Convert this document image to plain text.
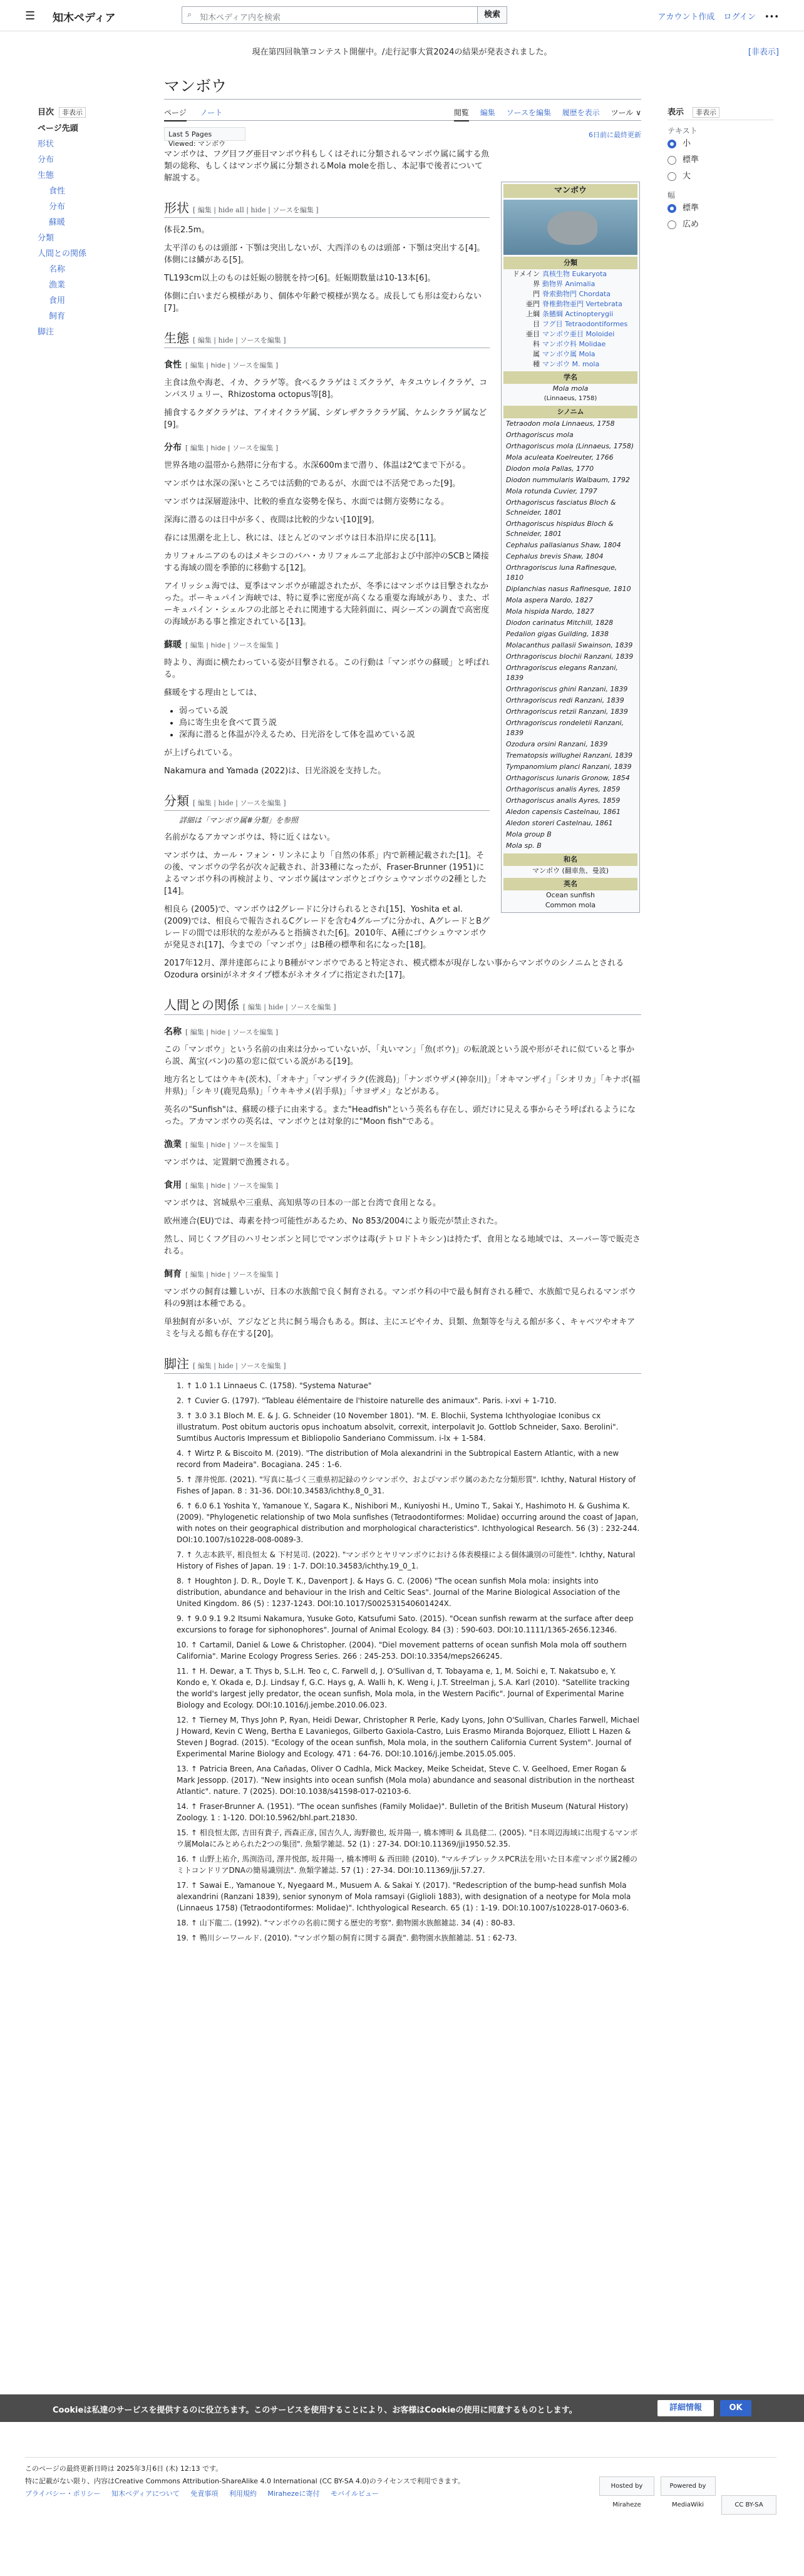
☰ 知木ペディア	⌕ 知木ペディア内を検索	検索	アカウント作成 ログイン •••
現在第四回執筆コンテスト開催中。/走行記事大賞2024の結果が発表されました。	[非表示]
目次 非表示
ページ先頭
形状
分布
生態
食性
分布
蘇暖
分類
人間との関係
名称
漁業
食用
飼育
脚注
マンボウ
ページ ノート	閲覧 編集 ソースを編集 履歴を表示 ツール ∨
Last 5 Pages Viewed: マンボウ
6日前に最終更新

マンボウは、フグ目フグ亜目マンボウ科もしくはそれに分類されるマンボウ属に属する魚類の総称、もしくはマンボウ属に分類されるMola moleを指し、本記事で後者について解説する。

形状 [ 編集 | hide all | hide | ソースを編集 ]

体長2.5m。

太平洋のものは頭部・下顎は突出しないが、大西洋のものは頭部・下顎は突出する[4]。体側には鱗がある[5]。

TL193cm以上のものは妊娠の膀胱を持つ[6]。妊娠期数量は10-13本[6]。

体側に白いまだら模様があり、個体や年齢で模様が異なる。成長しても形は変わらない[7]。

生態 [ 編集 | hide | ソースを編集 ]
食性 [ 編集 | hide | ソースを編集 ]

主食は魚や海老、イカ、クラゲ等。食べるクラゲはミズクラゲ、キタユウレイクラゲ、コンパスリュリー、Rhizostoma octopus等[8]。

捕食するクダクラゲは、アイオイクラゲ属、シダレザクラクラゲ属、ケムシクラゲ属など[9]。

分布 [ 編集 | hide | ソースを編集 ]

世界各地の温帯から熱帯に分布する。水深600mまで潜り、体温は2℃まで下がる。

マンボウは水深の深いところでは活動的であるが、水面では不活発であった[9]。

マンボウは深層遊泳中、比較的垂直な姿勢を保ち、水面では側方姿勢になる。

深海に潜るのは日中が多く、夜間は比較的少ない[10][9]。

春には黒潮を北上し、秋には、ほとんどのマンボウは日本沿岸に戻る[11]。

カリフォルニアのものはメキシコのバハ・カリフォルニア北部および中部沖のSCBと隣接する海域の間を季節的に移動する[12]。

アイリッシュ海では、夏季はマンボウが確認されたが、冬季にはマンボウは目撃されなかった。ポーキュパイン海峡では、特に夏季に密度が高くなる重要な海域があり、また、ポーキュパイン・シェルフの北部とそれに関連する大陸斜面に、両シーズンの調査で高密度の海域がある事と推定されている[13]。

蘇暖 [ 編集 | hide | ソースを編集 ]

時より、海面に横たわっている姿が目撃される。この行動は「マンボウの蘇暖」と呼ばれる。

蘇暖をする理由としては、

• 弱っている説
• 鳥に寄生虫を食べて貰う説
• 深海に潜ると体温が冷えるため、日光浴をして体を温めている説

が上げられている。

Nakamura and Yamada (2022)は、日光浴説を支持した。

分類 [ 編集 | hide | ソースを編集 ]
詳細は「マンボウ属#分類」を参照

名前がなるアカマンボウは、特に近くはない。

マンボウは、カール・フォン・リンネにより「自然の体系」内で新種記載された[1]。その後、マンボウの学名が次々記載され、計33種になったが、Fraser-Brunner (1951)によるマンボウ科の再検討より、マンボウ属はマンボウとゴウシュウマンボウの2種とした[14]。

相良ら (2005)で、マンボウは2グレードに分けられるとされ[15]、Yoshita et al. (2009)では、相良らで報告されるCグレードを含む4グループに分かれ、AグレードとBグレードの間では形状的な差がみると指摘された[6]。2010年、A種にゴウシュウマンボウが発見され[17]、今までの「マンボウ」はB種の標準和名になった[18]。

2017年12月、澤井達郎らによりB種がマンボウであると特定され、模式標本が現存しない事からマンボウのシノニムとされるOzodura orsiniがネオタイプ標本がネオタイプに指定された[17]。

人間との関係 [ 編集 | hide | ソースを編集 ]
名称 [ 編集 | hide | ソースを編集 ]

この「マンボウ」という名前の由来は分かっていないが、「丸いマン」「魚(ボウ)」の転訛説という説や形がそれに似ていると事から説、萬宝(バン)の墓の窓に似ている説がある[19]。

地方名としてはウキキ(茨木)、「オキナ」「マンザイラク(佐渡島)」「ナンボウザメ(神奈川)」「オキマンザイ」「シオリカ」「キナボ(福井県)」「シキリ(鹿児島県)」「ウキキサメ(岩手県)」「サヨザメ」などがある。

英名の"Sunfish"は、蘇暖の様子に由来する。また"Headfish"という英名も存在し、頭だけに見える事からそう呼ばれるようになった。アカマンボウの英名は、マンボウとは対象的に"Moon fish"である。

漁業 [ 編集 | hide | ソースを編集 ]

マンボウは、定置網で漁獲される。

食用 [ 編集 | hide | ソースを編集 ]

マンボウは、宮城県や三重県、高知県等の日本の一部と台湾で食用となる。

欧州連合(EU)では、毒素を持つ可能性があるため、No 853/2004により販売が禁止された。

然し、同じくフグ目のハリセンボンと同じでマンボウは毒(テトロドトキシン)は持たず、食用となる地域では、スーパー等で販売される。

飼育 [ 編集 | hide | ソースを編集 ]

マンボウの飼育は難しいが、日本の水族館で良く飼育される。マンボウ科の中で最も飼育される種で、水族館で見られるマンボウ科の9割は本種である。

単独飼育が多いが、アジなどと共に飼う場合もある。餌は、主にエビやイカ、貝類、魚類等を与える館が多く、キャベツやオキアミを与える館も存在する[20]。

脚注 [ 編集 | hide | ソースを編集 ]
1. ↑ 1.0 1.1 Linnaeus C. (1758). "Systema Naturae"
2. ↑ Cuvier G. (1797). "Tableau élémentaire de l'histoire naturelle des animaux". Paris. i-xvi + 1-710.
3. ↑ 3.0 3.1 Bloch M. E. & J. G. Schneider (10 November 1801). "M. E. Blochii, Systema Ichthyologiae Iconibus cx illustratum. Post obitum auctoris opus inchoatum absolvit, correxit, interpolavit Jo. Gottlob Schneider, Saxo. Berolini". Sumtibus Auctoris Impressum et Bibliopolio Sanderiano Commissum. i-lx + 1-584.
4. ↑ Wirtz P. & Biscoito M. (2019). "The distribution of Mola alexandrini in the Subtropical Eastern Atlantic, with a new record from Madeira". Bocagiana. 245 : 1-6.
5. ↑ 澤井悦郎. (2021). "写真に基づく三重県初記録のウシマンボウ、およびマンボウ属のあたな分類形質". Ichthy, Natural History of Fishes of Japan. 8 : 31-36. DOI:10.34583/ichthy.8_0_31.
6. ↑ 6.0 6.1 Yoshita Y., Yamanoue Y., Sagara K., Nishibori M., Kuniyoshi H., Umino T., Sakai Y., Hashimoto H. & Gushima K. (2009). "Phylogenetic relationship of two Mola sunfishes (Tetraodontiformes: Molidae) occurring around the coast of Japan, with notes on their geographical distribution and morphological characteristics". Ichthyological Research. 56 (3) : 232-244. DOI:10.1007/s10228-008-0089-3.
7. ↑ 久志本鉄平, 相良恒太 & 下村晃司. (2022). "マンボウとヤリマンボウにおける体表模様による個体識別の可能性". Ichthy, Natural History of Fishes of Japan. 19 : 1-7. DOI:10.34583/ichthy.19_0_1.
8. ↑ Houghton J. D. R., Doyle T. K., Davenport J. & Hays G. C. (2006) "The ocean sunfish Mola mola: insights into distribution, abundance and behaviour in the Irish and Celtic Seas". Journal of the Marine Biological Association of the United Kingdom. 86 (5) : 1237-1243. DOI:10.1017/S002531540601424X.
9. ↑ 9.0 9.1 9.2 Itsumi Nakamura, Yusuke Goto, Katsufumi Sato. (2015). "Ocean sunfish rewarm at the surface after deep excursions to forage for siphonophores". Journal of Animal Ecology. 84 (3) : 590-603. DOI:10.1111/1365-2656.12346.
10. ↑ Cartamil, Daniel & Lowe & Christopher. (2004). "Diel movement patterns of ocean sunfish Mola mola off southern California". Marine Ecology Progress Series. 266 : 245-253. DOI:10.3354/meps266245.
11. ↑ H. Dewar, a T. Thys b, S.L.H. Teo c, C. Farwell d, J. O'Sullivan d, T. Tobayama e, 1, M. Soichi e, T. Nakatsubo e, Y. Kondo e, Y. Okada e, D.J. Lindsay f, G.C. Hays g, A. Walli h, K. Weng i, J.T. Streelman j, S.A. Karl (2010). "Satellite tracking the world's largest jelly predator, the ocean sunfish, Mola mola, in the Western Pacific". Journal of Experimental Marine Biology and Ecology. DOI:10.1016/j.jembe.2010.06.023.
12. ↑ Tierney M, Thys John P, Ryan, Heidi Dewar, Christopher R Perle, Kady Lyons, John O'Sullivan, Charles Farwell, Michael J Howard, Kevin C Weng, Bertha E Lavaniegos, Gilberto Gaxiola-Castro, Luis Erasmo Miranda Bojorquez, Elliott L Hazen & Steven J Bograd. (2015). "Ecology of the ocean sunfish, Mola mola, in the southern California Current System". Journal of Experimental Marine Biology and Ecology. 471 : 64-76. DOI:10.1016/j.jembe.2015.05.005.
13. ↑ Patricia Breen, Ana Cañadas, Oliver O Cadhla, Mick Mackey, Meike Scheidat, Steve C. V. Geelhoed, Emer Rogan & Mark Jessopp. (2017). "New insights into ocean sunfish (Mola mola) abundance and seasonal distribution in the northeast Atlantic". nature. 7 (2025). DOI:10.1038/s41598-017-02103-6.
14. ↑ Fraser-Brunner A. (1951). "The ocean sunfishes (Family Molidae)". Bulletin of the British Museum (Natural History) Zoology. 1 : 1-120. DOI:10.5962/bhl.part.21830.
15. ↑ 相良恒太郎, 吉田有貴子, 西森正彦, 国吉久人, 海野徹也, 坂井陽一, 橋本博明 & 具島健二. (2005). "日本周辺海域に出現するマンボウ属Molaにみとめられた2つの集団". 魚類学雑誌. 52 (1) : 27-34. DOI:10.11369/jji1950.52.35.
16. ↑ 山野上祐介, 馬渕浩司, 澤井悦郎, 坂井陽一, 橋本博明 & 西田睦 (2010). "マルチプレックスPCR法を用いた日本産マンボウ属2種のミトコンドリアDNAの簡易識別法". 魚類学雑誌. 57 (1) : 27-34. DOI:10.11369/jji.57.27.
17. ↑ Sawai E., Yamanoue Y., Nyegaard M., Musuem A. & Sakai Y. (2017). "Redescription of the bump-head sunfish Mola alexandrini (Ranzani 1839), senior synonym of Mola ramsayi (Giglioli 1883), with designation of a neotype for Mola mola (Linnaeus 1758) (Tetraodontiformes: Molidae)". Ichthyological Research. 65 (1) : 1-19. DOI:10.1007/s10228-017-0603-6.
18. ↑ 山下龍二. (1992). "マンボウの名前に関する歴史的考察". 動物園水族館雑誌. 34 (4) : 80-83.
19. ↑ 鴨川シーワールド. (2010). "マンボウ類の飼育に関する調査". 動物園水族館雑誌. 51 : 62-73.
マンボウ
分類
ドメイン 真核生物 Eukaryota
界 動物界 Animalia
門 脊索動物門 Chordata
亜門 脊椎動物亜門 Vertebrata
上綱 条鰭綱 Actinopterygii
目 フグ目 Tetraodontiformes
亜目 マンボウ亜目 Moloidei
科 マンボウ科 Molidae
属 マンボウ属 Mola
種 マンボウ M. mola
学名
Mola mola
(Linnaeus, 1758)
シノニム
Tetraodon mola Linnaeus, 1758
Orthagoriscus mola
Orthagoriscus mola (Linnaeus, 1758)
Mola aculeata Koelreuter, 1766
Diodon mola Pallas, 1770
Diodon nummularis Walbaum, 1792
Mola rotunda Cuvier, 1797
Orthagoriscus fasciatus Bloch & Schneider, 1801
Orthagoriscus hispidus Bloch & Schneider, 1801
Cephalus pallasianus Shaw, 1804
Cephalus brevis Shaw, 1804
Orthragoriscus luna Rafinesque, 1810
Diplanchias nasus Rafinesque, 1810
Mola aspera Nardo, 1827
Mola hispida Nardo, 1827
Diodon carinatus Mitchill, 1828
Pedalion gigas Guilding, 1838
Molacanthus pallasii Swainson, 1839
Orthragoriscus blochii Ranzani, 1839
Orthragoriscus elegans Ranzani, 1839
Orthragoriscus ghini Ranzani, 1839
Orthragoriscus redi Ranzani, 1839
Orthragoriscus retzii Ranzani, 1839
Orthragoriscus rondeletii Ranzani, 1839
Ozodura orsini Ranzani, 1839
Trematopsis willughei Ranzani, 1839
Tympanomium planci Ranzani, 1839
Orthagoriscus lunaris Gronow, 1854
Orthagoriscus analis Ayres, 1859
Orthagoriscus analis Ayres, 1859
Aledon capensis Castelnau, 1861
Aledon storeri Castelnau, 1861
Mola group B
Mola sp. B
和名
マンボウ (翻車魚、曼波)
英名
Ocean sunfish
Common mola
表示 非表示
テキスト
小
標準
大
幅
標準
広め
Cookieは私達のサービスを提供するのに役立ちます。このサービスを使用することにより、お客様はCookieの使用に同意するものとします。	詳細情報	OK
このページの最終更新日時は 2025年3月6日 (木) 12:13 です。
特に記載がない限り、内容はCreative Commons Attribution-ShareAlike 4.0 International (CC BY-SA 4.0)のライセンスで利用できます。
プライバシー・ポリシー 知木ペディアについて 免責事項 利用規約 Mirahezeに寄付 モバイルビュー
Hosted by Miraheze Powered by MediaWiki	CC BY-SA
